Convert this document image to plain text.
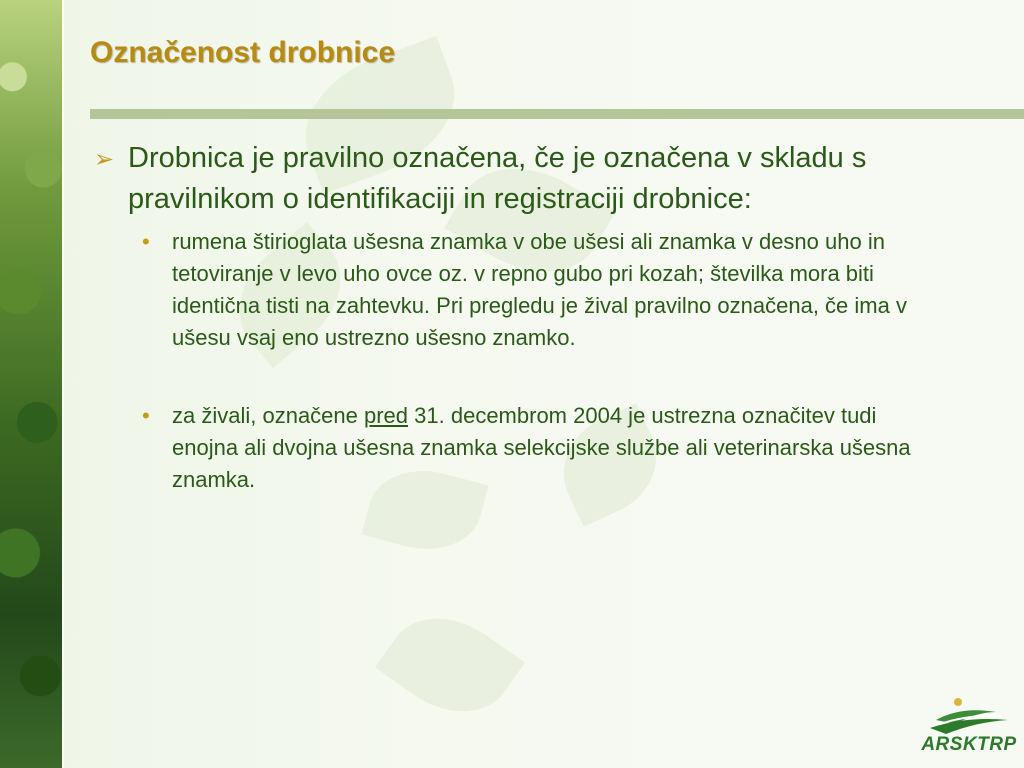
Označenost drobnice
➢ Drobnica je pravilno označena, če je označena v skladu s pravilnikom o identifikaciji in registraciji drobnice:
• rumena štirioglata ušesna znamka v obe ušesi ali znamka v desno uho in tetoviranje v levo uho ovce oz. v repno gubo pri kozah; številka mora biti identična tisti na zahtevku. Pri pregledu je žival pravilno označena, če ima v ušesu vsaj eno ustrezno ušesno znamko.
• za živali, označene pred 31. decembrom 2004 je ustrezna označitev tudi enojna ali dvojna ušesna znamka selekcijske službe ali veterinarska ušesna znamka.
ARSKTRP
